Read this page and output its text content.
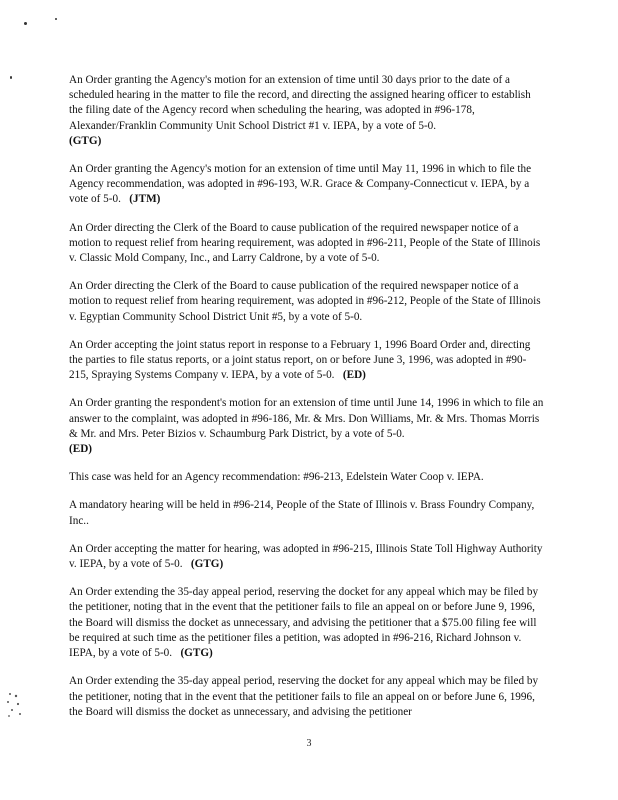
An Order granting the Agency's motion for an extension of time until 30 days prior to the date of a scheduled hearing in the matter to file the record, and directing the assigned hearing officer to establish the filing date of the Agency record when scheduling the hearing, was adopted in #96-178, Alexander/Franklin Community Unit School District #1 v. IEPA, by a vote of 5-0.
(GTG)

An Order granting the Agency's motion for an extension of time until May 11, 1996 in which to file the Agency recommendation, was adopted in #96-193, W.R. Grace & Company-Connecticut v. IEPA, by a vote of 5-0. (JTM)

An Order directing the Clerk of the Board to cause publication of the required newspaper notice of a motion to request relief from hearing requirement, was adopted in #96-211, People of the State of Illinois v. Classic Mold Company, Inc., and Larry Caldrone, by a vote of 5-0.

An Order directing the Clerk of the Board to cause publication of the required newspaper notice of a motion to request relief from hearing requirement, was adopted in #96-212, People of the State of Illinois v. Egyptian Community School District Unit #5, by a vote of 5-0.

An Order accepting the joint status report in response to a February 1, 1996 Board Order and, directing the parties to file status reports, or a joint status report, on or before June 3, 1996, was adopted in #90-215, Spraying Systems Company v. IEPA, by a vote of 5-0. (ED)

An Order granting the respondent's motion for an extension of time until June 14, 1996 in which to file an answer to the complaint, was adopted in #96-186, Mr. & Mrs. Don Williams, Mr. & Mrs. Thomas Morris & Mr. and Mrs. Peter Bizios v. Schaumburg Park District, by a vote of 5-0.
(ED)

This case was held for an Agency recommendation: #96-213, Edelstein Water Coop v. IEPA.

A mandatory hearing will be held in #96-214, People of the State of Illinois v. Brass Foundry Company, Inc..

An Order accepting the matter for hearing, was adopted in #96-215, Illinois State Toll Highway Authority v. IEPA, by a vote of 5-0. (GTG)

An Order extending the 35-day appeal period, reserving the docket for any appeal which may be filed by the petitioner, noting that in the event that the petitioner fails to file an appeal on or before June 9, 1996, the Board will dismiss the docket as unnecessary, and advising the petitioner that a $75.00 filing fee will be required at such time as the petitioner files a petition, was adopted in #96-216, Richard Johnson v. IEPA, by a vote of 5-0. (GTG)

An Order extending the 35-day appeal period, reserving the docket for any appeal which may be filed by the petitioner, noting that in the event that the petitioner fails to file an appeal on or before June 6, 1996, the Board will dismiss the docket as unnecessary, and advising the petitioner

3
